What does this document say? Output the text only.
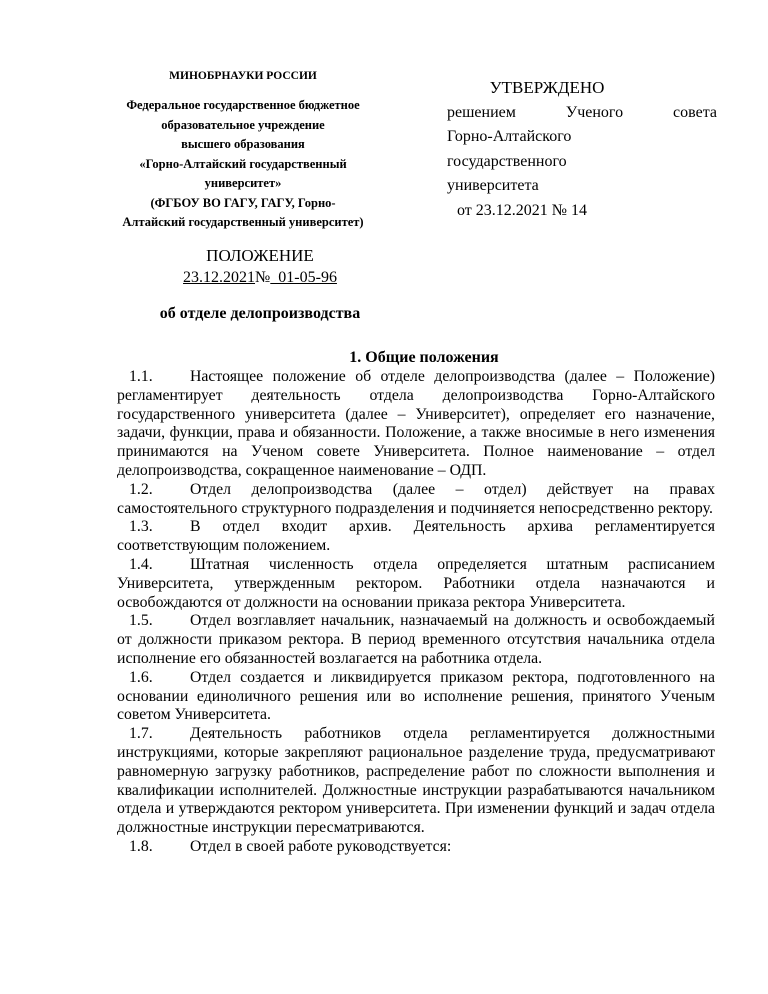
МИНОБРНАУКИ РОССИИ
Федеральное государственное бюджетное
образовательное учреждение
высшего образования
«Горно-Алтайский государственный
университет»
(ФГБОУ ВО ГАГУ, ГАГУ, Горно-
Алтайский государственный университет)
УТВЕРЖДЕНО
решением	Ученого	совета
Горно-Алтайского
государственного
университета
от 23.12.2021 № 14
ПОЛОЖЕНИЕ
23.12.2021№  01-05-96
об отделе делопроизводства
1. Общие положения
1.1. Настоящее положение об отделе делопроизводства (далее – Положение) регламентирует деятельность отдела делопроизводства Горно-Алтайского государственного университета (далее – Университет), определяет его назначение, задачи, функции, права и обязанности. Положение, а также вносимые в него изменения принимаются на Ученом совете Университета. Полное наименование – отдел делопроизводства, сокращенное наименование – ОДП.
1.2. Отдел делопроизводства (далее – отдел) действует на правах самостоятельного структурного подразделения и подчиняется непосредственно ректору.
1.3. В отдел входит архив. Деятельность архива регламентируется соответствующим положением.
1.4. Штатная численность отдела определяется штатным расписанием Университета, утвержденным ректором. Работники отдела назначаются и освобождаются от должности на основании приказа ректора Университета.
1.5. Отдел возглавляет начальник, назначаемый на должность и освобождаемый от должности приказом ректора. В период временного отсутствия начальника отдела исполнение его обязанностей возлагается на работника отдела.
1.6. Отдел создается и ликвидируется приказом ректора, подготовленного на основании единоличного решения или во исполнение решения, принятого Ученым советом Университета.
1.7. Деятельность работников отдела регламентируется должностными инструкциями, которые закрепляют рациональное разделение труда, предусматривают равномерную загрузку работников, распределение работ по сложности выполнения и квалификации исполнителей. Должностные инструкции разрабатываются начальником отдела и утверждаются ректором университета. При изменении функций и задач отдела должностные инструкции пересматриваются.
1.8. Отдел в своей работе руководствуется:
